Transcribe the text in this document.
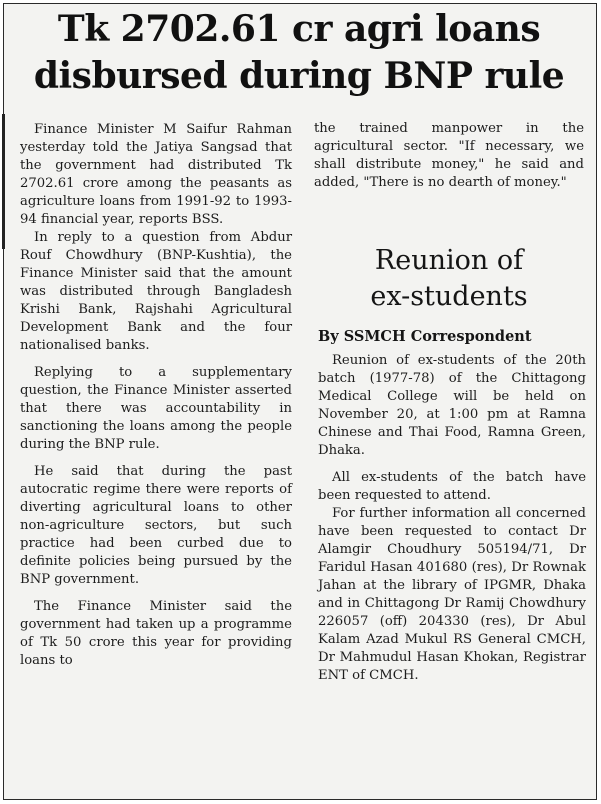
Tk 2702.61 cr agri loans
disbursed during BNP rule

Finance Minister M Saifur Rahman yesterday told the Jatiya Sangsad that the government had distributed Tk 2702.61 crore among the peasants as agriculture loans from 1991-92 to 1993-94 financial year, reports BSS.

In reply to a question from Abdur Rouf Chowdhury (BNP-Kushtia), the Finance Minister said that the amount was distributed through Bangladesh Krishi Bank, Rajshahi Agricultural Development Bank and the four nationalised banks.

Replying to a supplementary question, the Finance Minister asserted that there was accountability in sanctioning the loans among the people during the BNP rule.

He said that during the past autocratic regime there were reports of diverting agricultural loans to other non-agriculture sectors, but such practice had been curbed due to definite policies being pursued by the BNP government.

The Finance Minister said the government had taken up a programme of Tk 50 crore this year for providing loans to

the trained manpower in the agricultural sector. "If necessary, we shall distribute money," he said and added, "There is no dearth of money."

Reunion of
ex-students
By SSMCH Correspondent

Reunion of ex-students of the 20th batch (1977-78) of the Chittagong Medical College will be held on November 20, at 1:00 pm at Ramna Chinese and Thai Food, Ramna Green, Dhaka.

All ex-students of the batch have been requested to attend.

For further information all concerned have been requested to contact Dr Alamgir Choudhury 505194/71, Dr Faridul Hasan 401680 (res), Dr Rownak Jahan at the library of IPGMR, Dhaka and in Chittagong Dr Ramij Chowdhury 226057 (off) 204330 (res), Dr Abul Kalam Azad Mukul RS General CMCH, Dr Mahmudul Hasan Khokan, Registrar ENT of CMCH.
